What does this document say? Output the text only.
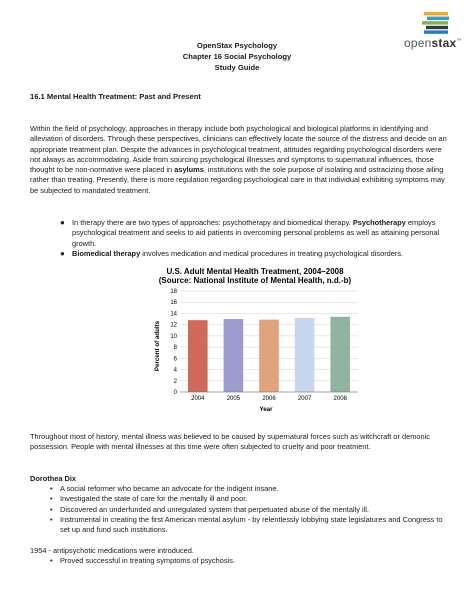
openstax™
OpenStax Psychology
Chapter 16 Social Psychology
Study Guide
16.1 Mental Health Treatment: Past and Present
Within the field of psychology, approaches in therapy include both psychological and biological platforms in identifying and alleviation of disorders. Through these perspectives, clinicians can effectively locate the source of the distress and decide on an appropriate treatment plan. Despite the advances in psychological treatment, attitudes regarding psychological disorders were not always as accommodating. Aside from sourcing psychological illnesses and symptoms to supernatural influences, those thought to be non-normative were placed in asylums, institutions with the sole purpose of isolating and ostracizing those ailing rather than treating. Presently, there is more regulation regarding psychological care in that individual exhibiting symptoms may be subjected to mandated treatment.
● In therapy there are two types of approaches: psychotherapy and biomedical therapy. Psychotherapy employs psychological treatment and seeks to aid patients in overcoming personal problems as well as attaining personal growth.
● Biomedical therapy involves medication and medical procedures in treating psychological disorders.
U.S. Adult Mental Health Treatment, 2004–2008
(Source: National Institute of Mental Health, n.d.-b)
Percent of adults
Year
0
2
4
6
8
10
12
14
16
18
2004	2005	2006	2007	2008
Throughout most of history, mental illness was believed to be caused by supernatural forces such as witchcraft or demonic possession. People with mental illnesses at this time were often subjected to cruelty and poor treatment.
Dorothea Dix
• A social reformer who became an advocate for the indigent insane.
• Investigated the state of care for the mentally ill and poor.
• Discovered an underfunded and unregulated system that perpetuated abuse of the mentally ill.
• Instrumental in creating the first American mental asylum - by relentlessly lobbying state legislatures and Congress to set up and fund such institutions.
1954 - antipsychotic medications were introduced.
• Proved successful in treating symptoms of psychosis.
